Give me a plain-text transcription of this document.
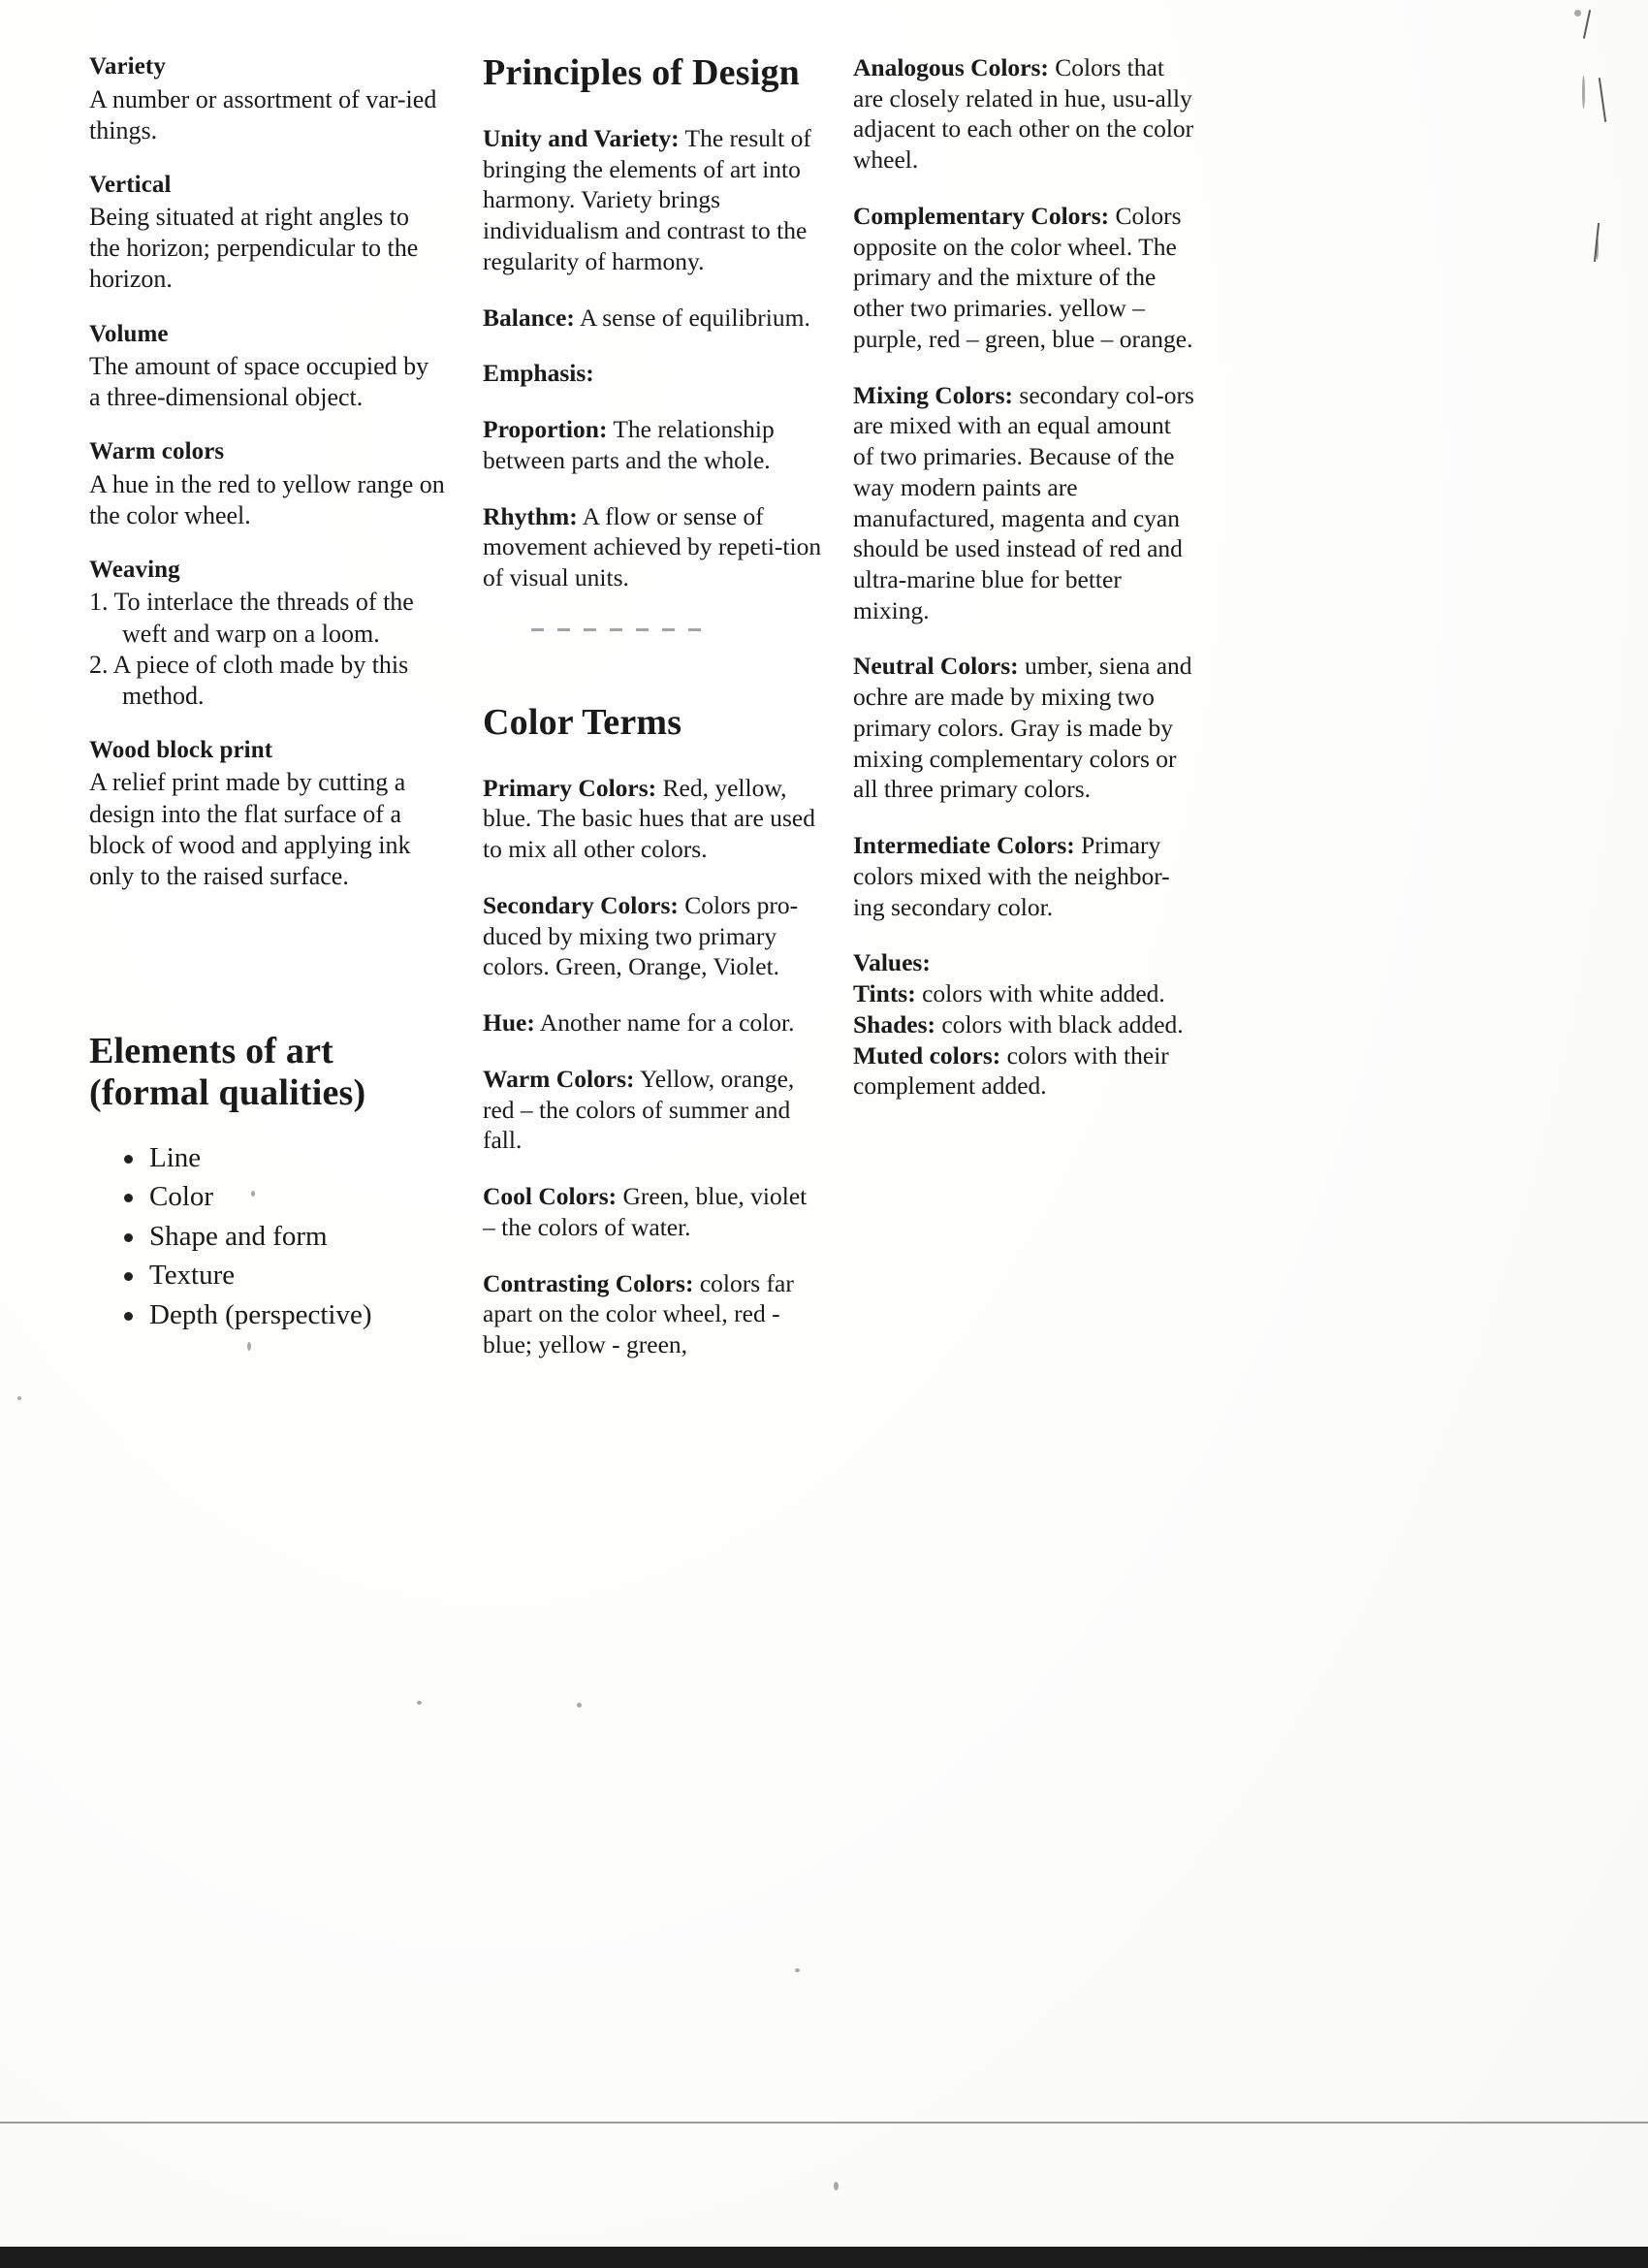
Variety

A number or assortment of var-ied things.

Vertical

Being situated at right angles to the horizon; perpendicular to the horizon.

Volume

The amount of space occupied by a three-dimensional object.

Warm colors

A hue in the red to yellow range on the color wheel.

Weaving

1. To interlace the threads of the weft and warp on a loom.
2. A piece of cloth made by this method.

Wood block print

A relief print made by cutting a design into the flat surface of a block of wood and applying ink only to the raised surface.

Elements of art
(formal qualities)

Line
Color
Shape and form
Texture
Depth (perspective)

Principles of Design

Unity and Variety: The result of bringing the elements of art into harmony. Variety brings individualism and contrast to the regularity of harmony.

Balance: A sense of equilibrium.

Emphasis:

Proportion: The relationship between parts and the whole.

Rhythm: A flow or sense of movement achieved by repeti-tion of visual units.

Color Terms

Primary Colors: Red, yellow, blue. The basic hues that are used to mix all other colors.

Secondary Colors: Colors pro-duced by mixing two primary colors. Green, Orange, Violet.

Hue: Another name for a color.

Warm Colors: Yellow, orange, red – the colors of summer and fall.

Cool Colors: Green, blue, violet – the colors of water.

Contrasting Colors: colors far apart on the color wheel, red - blue; yellow - green,

Analogous Colors: Colors that are closely related in hue, usu-ally adjacent to each other on the color wheel.

Complementary Colors: Colors opposite on the color wheel. The primary and the mixture of the other two primaries. yellow – purple, red – green, blue – orange.

Mixing Colors: secondary col-ors are mixed with an equal amount of two primaries. Because of the way modern paints are manufactured, magenta and cyan should be used instead of red and ultra-marine blue for better mixing.

Neutral Colors: umber, siena and ochre are made by mixing two primary colors. Gray is made by mixing complementary colors or all three primary colors.

Intermediate Colors: Primary colors mixed with the neighbor-ing secondary color.

Values:

Tints: colors with white added.

Shades: colors with black added.

Muted colors: colors with their complement added.
